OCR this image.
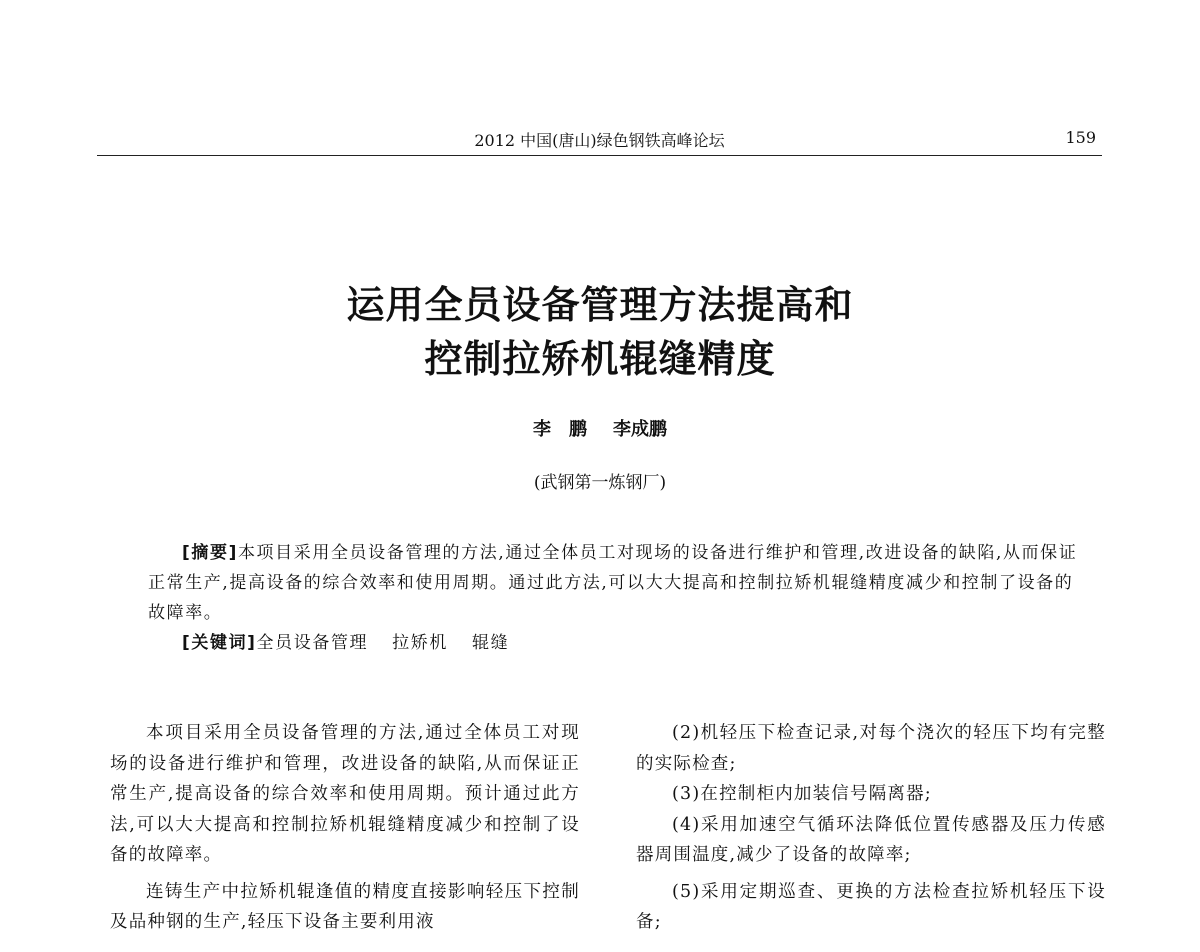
2012 中国(唐山)绿色钢铁高峰论坛	159
运用全员设备管理方法提高和
控制拉矫机辊缝精度
李　鹏 李成鹏
(武钢第一炼钢厂)

[摘要]本项目采用全员设备管理的方法,通过全体员工对现场的设备进行维护和管理,改进设备的缺陷,从而保证正常生产,提高设备的综合效率和使用周期。通过此方法,可以大大提高和控制拉矫机辊缝精度减少和控制了设备的故障率。

[关键词]全员设备管理 拉矫机 辊缝

本项目采用全员设备管理的方法,通过全体员工对现场的设备进行维护和管理，改进设备的缺陷,从而保证正常生产,提高设备的综合效率和使用周期。预计通过此方法,可以大大提高和控制拉矫机辊缝精度减少和控制了设备的故障率。

连铸生产中拉矫机辊逢值的精度直接影响轻压下控制及品种钢的生产,轻压下设备主要利用液

(2)机轻压下检查记录,对每个浇次的轻压下均有完整的实际检查;

(3)在控制柜内加装信号隔离器;

(4)采用加速空气循环法降低位置传感器及压力传感器周围温度,减少了设备的故障率;

(5)采用定期巡查、更换的方法检查拉矫机轻压下设备;
